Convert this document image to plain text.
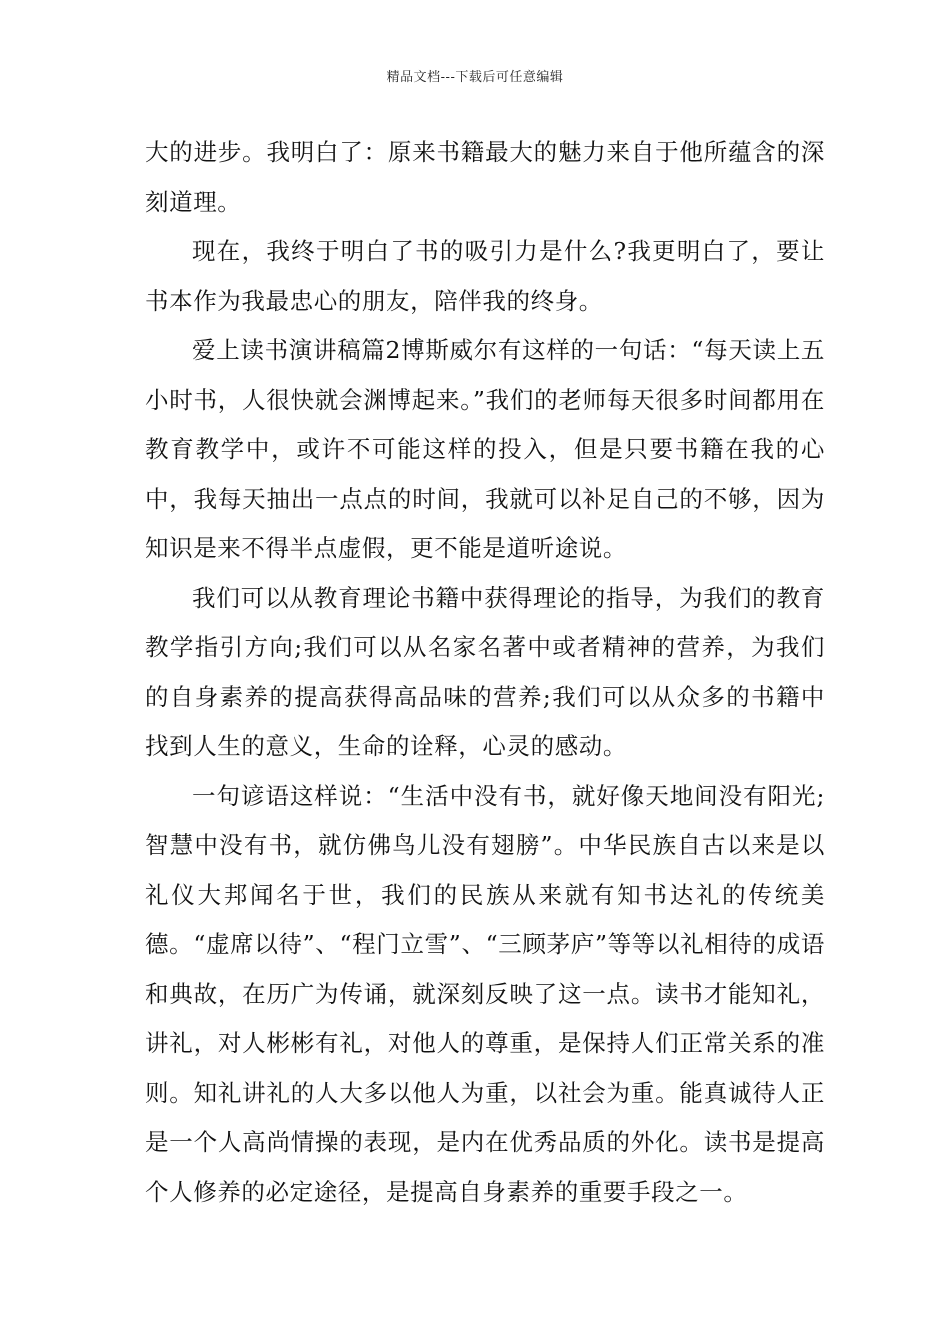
精品文档---下载后可任意编辑

大的进步。我明白了：原来书籍最大的魅力来自于他所蕴含的深刻道理。

现在，我终于明白了书的吸引力是什么?我更明白了，要让书本作为我最忠心的朋友，陪伴我的终身。

爱上读书演讲稿篇2博斯威尔有这样的一句话：“每天读上五小时书，人很快就会渊博起来。”我们的老师每天很多时间都用在教育教学中，或许不可能这样的投入，但是只要书籍在我的心中，我每天抽出一点点的时间，我就可以补足自己的不够，因为知识是来不得半点虚假，更不能是道听途说。

我们可以从教育理论书籍中获得理论的指导，为我们的教育教学指引方向;我们可以从名家名著中或者精神的营养，为我们的自身素养的提高获得高品味的营养;我们可以从众多的书籍中找到人生的意义，生命的诠释，心灵的感动。

一句谚语这样说：“生活中没有书，就好像天地间没有阳光;智慧中没有书，就仿佛鸟儿没有翅膀”。中华民族自古以来是以礼仪大邦闻名于世，我们的民族从来就有知书达礼的传统美德。“虚席以待”、“程门立雪”、“三顾茅庐”等等以礼相待的成语和典故，在历广为传诵，就深刻反映了这一点。读书才能知礼，讲礼，对人彬彬有礼，对他人的尊重，是保持人们正常关系的准则。知礼讲礼的人大多以他人为重，以社会为重。能真诚待人正是一个人高尚情操的表现，是内在优秀品质的外化。读书是提高个人修养的必定途径，是提高自身素养的重要手段之一。
